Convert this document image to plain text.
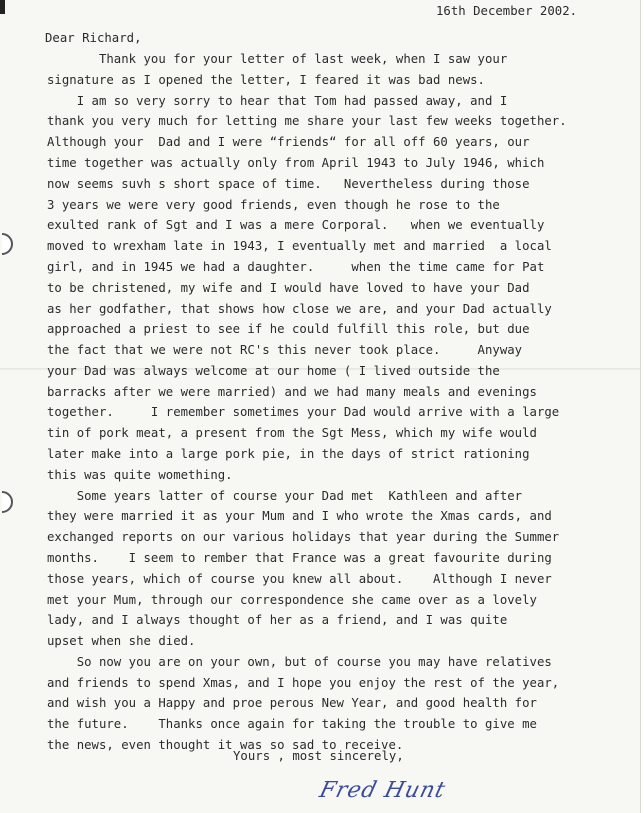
16th December 2002.

Dear Richard,

Thank you for your letter of last week, when I saw your

signature as I opened the letter, I feared it was bad news.

I am so very sorry to hear that Tom had passed away, and I

thank you very much for letting me share your last few weeks together.

Although your  Dad and I were “friends“ for all off 60 years, our

time together was actually only from April 1943 to July 1946, which

now seems suvh s short space of time.   Nevertheless during those

3 years we were very good friends, even though he rose to the

exulted rank of Sgt and I was a mere Corporal.   when we eventually

moved to wrexham late in 1943, I eventually met and married  a local

girl, and in 1945 we had a daughter.     when the time came for Pat

to be christened, my wife and I would have loved to have your Dad

as her godfather, that shows how close we are, and your Dad actually

approached a priest to see if he could fulfill this role, but due

the fact that we were not RC's this never took place.     Anyway

your Dad was always welcome at our home ( I lived outside the

barracks after we were married) and we had many meals and evenings

together.     I remember sometimes your Dad would arrive with a large

tin of pork meat, a present from the Sgt Mess, which my wife would

later make into a large pork pie, in the days of strict rationing

this was quite womething.

Some years latter of course your Dad met  Kathleen and after

they were married it as your Mum and I who wrote the Xmas cards, and

exchanged reports on our various holidays that year during the Summer

months.    I seem to rember that France was a great favourite during

those years, which of course you knew all about.    Although I never

met your Mum, through our correspondence she came over as a lovely

lady, and I always thought of her as a friend, and I was quite

upset when she died.

So now you are on your own, but of course you may have relatives

and friends to spend Xmas, and I hope you enjoy the rest of the year,

and wish you a Happy and proe perous New Year, and good health for

the future.    Thanks once again for taking the trouble to give me

the news, even thought it was so sad to receive.

Yours , most sincerely,

Fred Hunt
